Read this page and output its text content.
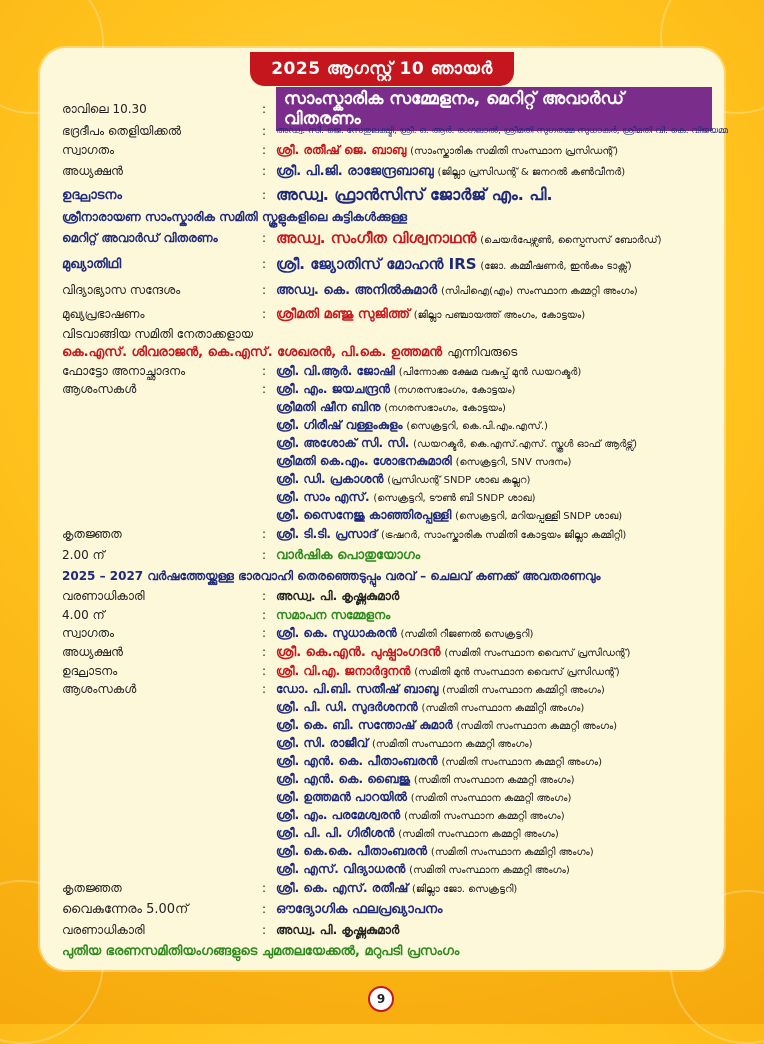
2025 ആഗസ്റ്റ് 10 ഞായർ
രാവിലെ 10.30	:	സാംസ്കാരിക സമ്മേളനം, മെറിറ്റ് അവാർഡ് വിതരണം
ഭദ്രദീപം തെളിയിക്കൽ	:	അഡ്വ. സി. ജെ. സേതുലക്ഷ്മി, ശ്രീ. ഒ. ആർ. രംഗലാൽ, ശ്രീമതി സുഗതമ്മ സുധാകർ, ശ്രീമതി വി. കെ. വിജയമ്മ
സ്വാഗതം	: ശ്രീ. രതീഷ് ജെ. ബാബു (സാംസ്കാരിക സമിതി സംസ്ഥാന പ്രസിഡന്റ്)
അധ്യക്ഷൻ	: ശ്രീ. പി.ജി. രാജേന്ദ്രബാബു (ജില്ലാ പ്രസിഡന്റ് & ജനറൽ കൺവീനർ)
ഉദ്ഘാടനം	: അഡ്വ. ഫ്രാൻസിസ് ജോർജ് എം. പി.
ശ്രീനാരായണ സാംസ്കാരിക സമിതി സ്കൂളുകളിലെ കുട്ടികൾക്കുള്ള
മെറിറ്റ് അവാർഡ് വിതരണം	: അഡ്വ. സംഗീത വിശ്വനാഥൻ (ചെയർപേഴ്സൺ, സ്പൈസസ് ബോർഡ്)
മുഖ്യാതിഥി	: ശ്രീ. ജ്യോതിസ് മോഹൻ IRS (ജോ. കമ്മീഷണർ, ഇൻകം ടാക്സ്)
വിദ്യാഭ്യാസ സന്ദേശം	: അഡ്വ. കെ. അനിൽകുമാർ (സിപിഐ(എം) സംസ്ഥാന കമ്മറ്റി അംഗം)
മുഖ്യപ്രഭാഷണം	: ശ്രീമതി മഞ്ജു സുജിത്ത് (ജില്ലാ പഞ്ചായത്ത് അംഗം, കോട്ടയം)
വിടവാങ്ങിയ സമിതി നേതാക്കളായ
കെ.എസ്. ശിവരാജൻ, കെ.എസ്. ശേഖരൻ, പി.കെ. ഉത്തമൻ
എന്നിവരുടെ
ഫോട്ടോ അനാച്ഛാദനം	: ശ്രീ. വി.ആർ. ജോഷി (പിന്നോക്ക ക്ഷേമ വകുപ്പ് മുൻ ഡയറക്ടർ)
ആശംസകൾ	: ശ്രീ. എം. ജയചന്ദ്രൻ (നഗരസഭാംഗം, കോട്ടയം)
ശ്രീമതി ഷീന ബിനു (നഗരസഭാംഗം, കോട്ടയം)
ശ്രീ. ഗിരീഷ് വള്ളംകുളം (സെക്രട്ടറി, കെ.പി.എം.എസ്.)
ശ്രീ. അശോക് സി. സി. (ഡയറക്ടർ, കെ.എസ്.എസ്. സ്കൂൾ ഓഫ് ആർട്സ്)
ശ്രീമതി കെ.എം. ശോഭനകുമാരി (സെക്രട്ടറി, SNV സദനം)
ശ്രീ. ഡി. പ്രകാശൻ (പ്രസിഡന്റ് SNDP ശാഖ കല്ലറ)
ശ്രീ. സാം എസ്. (സെക്രട്ടറി, ടൗൺ ബി SNDP ശാഖ)
ശ്രീ. സൈനേജു കാഞ്ഞിരപ്പള്ളി (സെക്രട്ടറി, മറിയപ്പള്ളി SNDP ശാഖ)
കൃതജ്ഞത	: ശ്രീ. ടി.ടി. പ്രസാദ് (ട്രഷറർ, സാംസ്കാരിക സമിതി കോട്ടയം ജില്ലാ കമ്മിറ്റി)
2.00 ന്	: വാർഷിക പൊതുയോഗം
2025 – 2027 വർഷത്തേയ്ക്കുള്ള ഭാരവാഹി തെരഞ്ഞെടുപ്പും വരവ് – ചെലവ് കണക്ക് അവതരണവും
വരണാധികാരി	: അഡ്വ. പി. കൃഷ്ണകുമാർ
4.00 ന്	: സമാപന സമ്മേളനം
സ്വാഗതം	: ശ്രീ. കെ. സുധാകരൻ (സമിതി റീജണൽ സെക്രട്ടറി)
അധ്യക്ഷൻ	: ശ്രീ. കെ.എൻ. പുഷ്പാംഗദൻ (സമിതി സംസ്ഥാന വൈസ് പ്രസിഡന്റ്)
ഉദ്ഘാടനം	: ശ്രീ. വി.എ. ജനാർദ്ദനൻ (സമിതി മുൻ സംസ്ഥാന വൈസ് പ്രസിഡന്റ്)
ആശംസകൾ	: ഡോ. പി.ബി. സതീഷ് ബാബു (സമിതി സംസ്ഥാന കമ്മിറ്റി അംഗം)
ശ്രീ. പി. ഡി. സുദർശനൻ (സമിതി സംസ്ഥാന കമ്മിറ്റി അംഗം)
ശ്രീ. കെ. ബി. സന്തോഷ് കുമാർ (സമിതി സംസ്ഥാന കമ്മറ്റി അംഗം)
ശ്രീ. സി. രാജീവ് (സമിതി സംസ്ഥാന കമ്മറ്റി അംഗം)
ശ്രീ. എൻ. കെ. പീതാംബരൻ (സമിതി സംസ്ഥാന കമ്മറ്റി അംഗം)
ശ്രീ. എൻ. കെ. ബൈജു (സമിതി സംസ്ഥാന കമ്മറ്റി അംഗം)
ശ്രീ. ഉത്തമൻ പാറയിൽ (സമിതി സംസ്ഥാന കമ്മറ്റി അംഗം)
ശ്രീ. എം. പരമേശ്വരൻ (സമിതി സംസ്ഥാന കമ്മറ്റി അംഗം)
ശ്രീ. പി. പി. ഗിരീശൻ (സമിതി സംസ്ഥാന കമ്മറ്റി അംഗം)
ശ്രീ. കെ.കെ. പീതാംബരൻ (സമിതി സംസ്ഥാന കമ്മിറ്റി അംഗം)
ശ്രീ. എസ്. വിദ്യാധരൻ (സമിതി സംസ്ഥാന കമ്മറ്റി അംഗം)
കൃതജ്ഞത	: ശ്രീ. കെ. എസ്. രതീഷ് (ജില്ലാ ജോ. സെക്രട്ടറി)
വൈകുന്നേരം 5.00ന്	: ഔദ്യോഗിക ഫലപ്രഖ്യാപനം
വരണാധികാരി	: അഡ്വ. പി. കൃഷ്ണകുമാർ
പുതിയ ഭരണസമിതിയംഗങ്ങളുടെ ചുമതലയേക്കൽ, മറുപടി പ്രസംഗം
9
